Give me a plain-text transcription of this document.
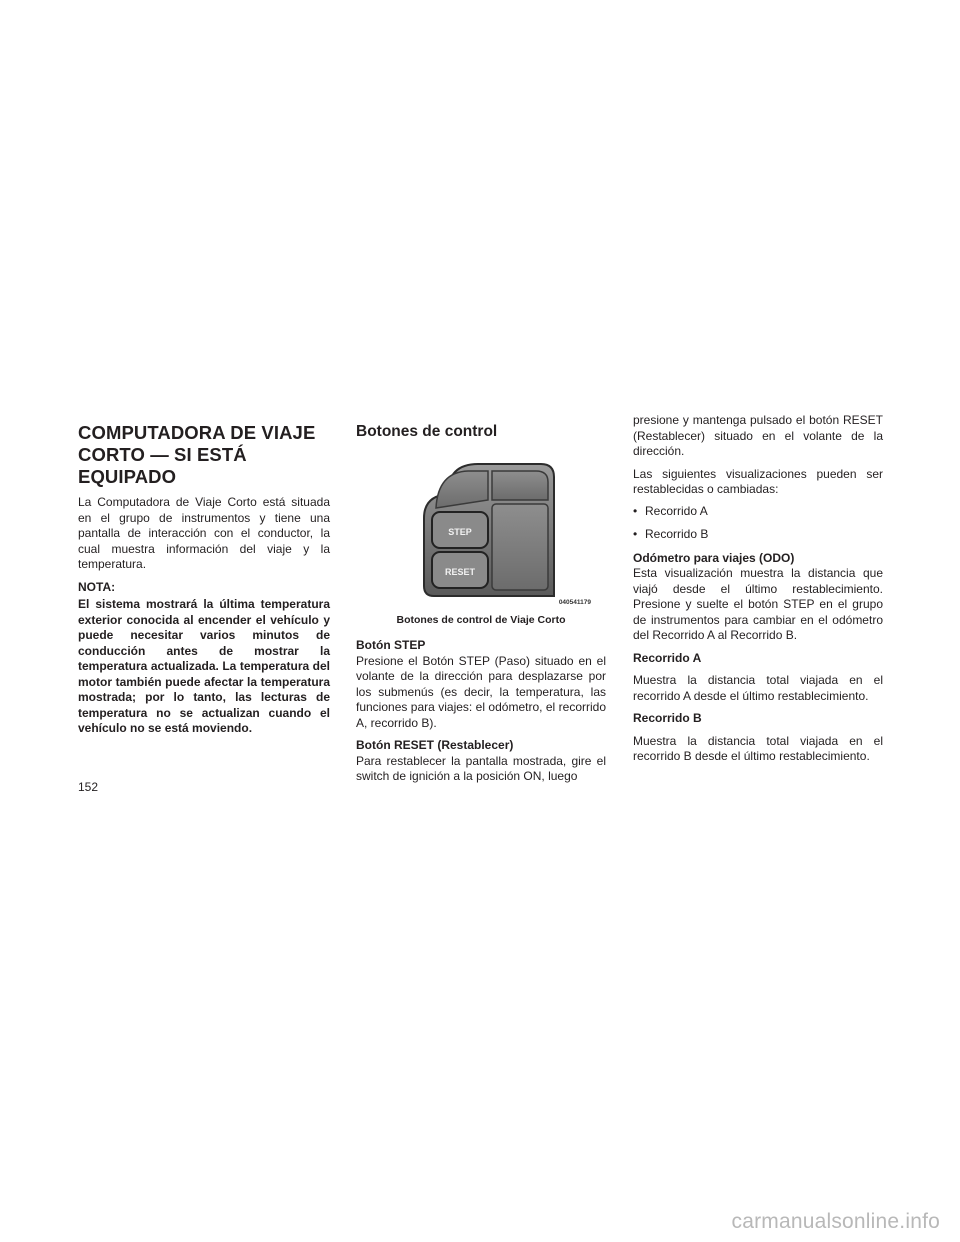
COMPUTADORA DE VIAJE
CORTO — SI ESTÁ EQUIPADO

La Computadora de Viaje Corto está situada en el grupo de instrumentos y tiene una pantalla de interacción con el conductor, la cual muestra información del viaje y la temperatura.

NOTA:

El sistema mostrará la última temperatura exterior conocida al encender el vehículo y puede necesitar varios minutos de conducción antes de mostrar la temperatura actualizada. La temperatura del motor también puede afectar la temperatura mostrada; por lo tanto, las lecturas de temperatura no se actualizan cuando el vehículo no se está moviendo.

Botones de control
STEP
RESET
040541179
Botones de control de Viaje Corto

Botón STEP
Presione el Botón STEP (Paso) situado en el volante de la dirección para desplazarse por los submenús (es decir, la temperatura, las funciones para viajes: el odómetro, el recorrido A, recorrido B).

Botón RESET (Restablecer)
Para restablecer la pantalla mostrada, gire el switch de ignición a la posición ON, luego

presione y mantenga pulsado el botón RESET (Restablecer) situado en el volante de la dirección.

Las siguientes visualizaciones pueden ser restablecidas o cambiadas:

• Recorrido A
• Recorrido B

Odómetro para viajes (ODO)
Esta visualización muestra la distancia que viajó desde el último restablecimiento. Presione y suelte el botón STEP en el grupo de instrumentos para cambiar en el odómetro del Recorrido A al Recorrido B.

Recorrido A

Muestra la distancia total viajada en el recorrido A desde el último restablecimiento.

Recorrido B

Muestra la distancia total viajada en el recorrido B desde el último restablecimiento.

152
carmanualsonline.info
